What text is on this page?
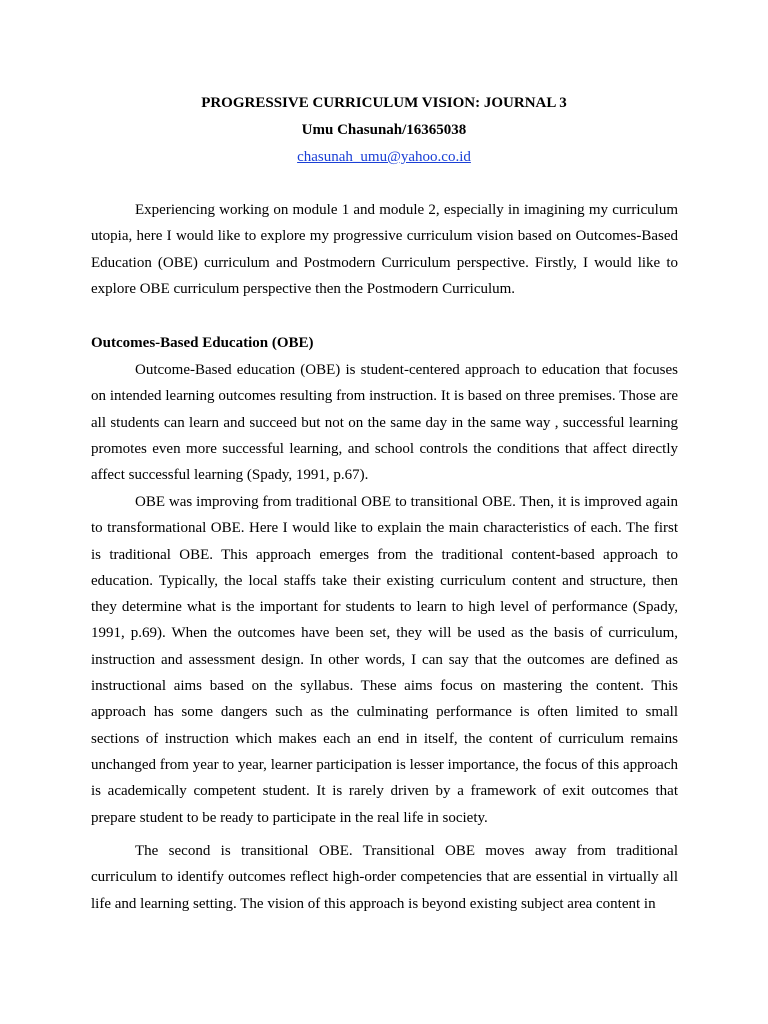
PROGRESSIVE CURRICULUM VISION: JOURNAL 3
Umu Chasunah/16365038
chasunah_umu@yahoo.co.id

Experiencing working on module 1 and module 2, especially in imagining my curriculum utopia, here I would like to explore my progressive curriculum vision based on Outcomes-Based Education (OBE) curriculum and Postmodern Curriculum perspective. Firstly, I would like to explore OBE curriculum perspective then the Postmodern Curriculum.

Outcomes-Based Education (OBE)

Outcome-Based education (OBE) is student-centered approach to education that focuses on intended learning outcomes resulting from instruction. It is based on three premises. Those are all students can learn and succeed but not on the same day in the same way , successful learning promotes even more successful learning, and school controls the conditions that affect directly affect successful learning (Spady, 1991, p.67).

OBE was improving from traditional OBE to transitional OBE. Then, it is improved again to transformational OBE. Here I would like to explain the main characteristics of each. The first is traditional OBE. This approach emerges from the traditional content-based approach to education. Typically, the local staffs take their existing curriculum content and structure, then they determine what is the important for students to learn to high level of performance (Spady, 1991, p.69). When the outcomes have been set, they will be used as the basis of curriculum, instruction and assessment design. In other words, I can say that the outcomes are defined as instructional aims based on the syllabus. These aims focus on mastering the content. This approach has some dangers such as the culminating performance is often limited to small sections of instruction which makes each an end in itself, the content of curriculum remains unchanged from year to year, learner participation is lesser importance, the focus of this approach is academically competent student. It is rarely driven by a framework of exit outcomes that prepare student to be ready to participate in the real life in society.

The second is transitional OBE. Transitional OBE moves away from traditional curriculum to identify outcomes reflect high-order competencies that are essential in virtually all life and learning setting. The vision of this approach is beyond existing subject area content in
